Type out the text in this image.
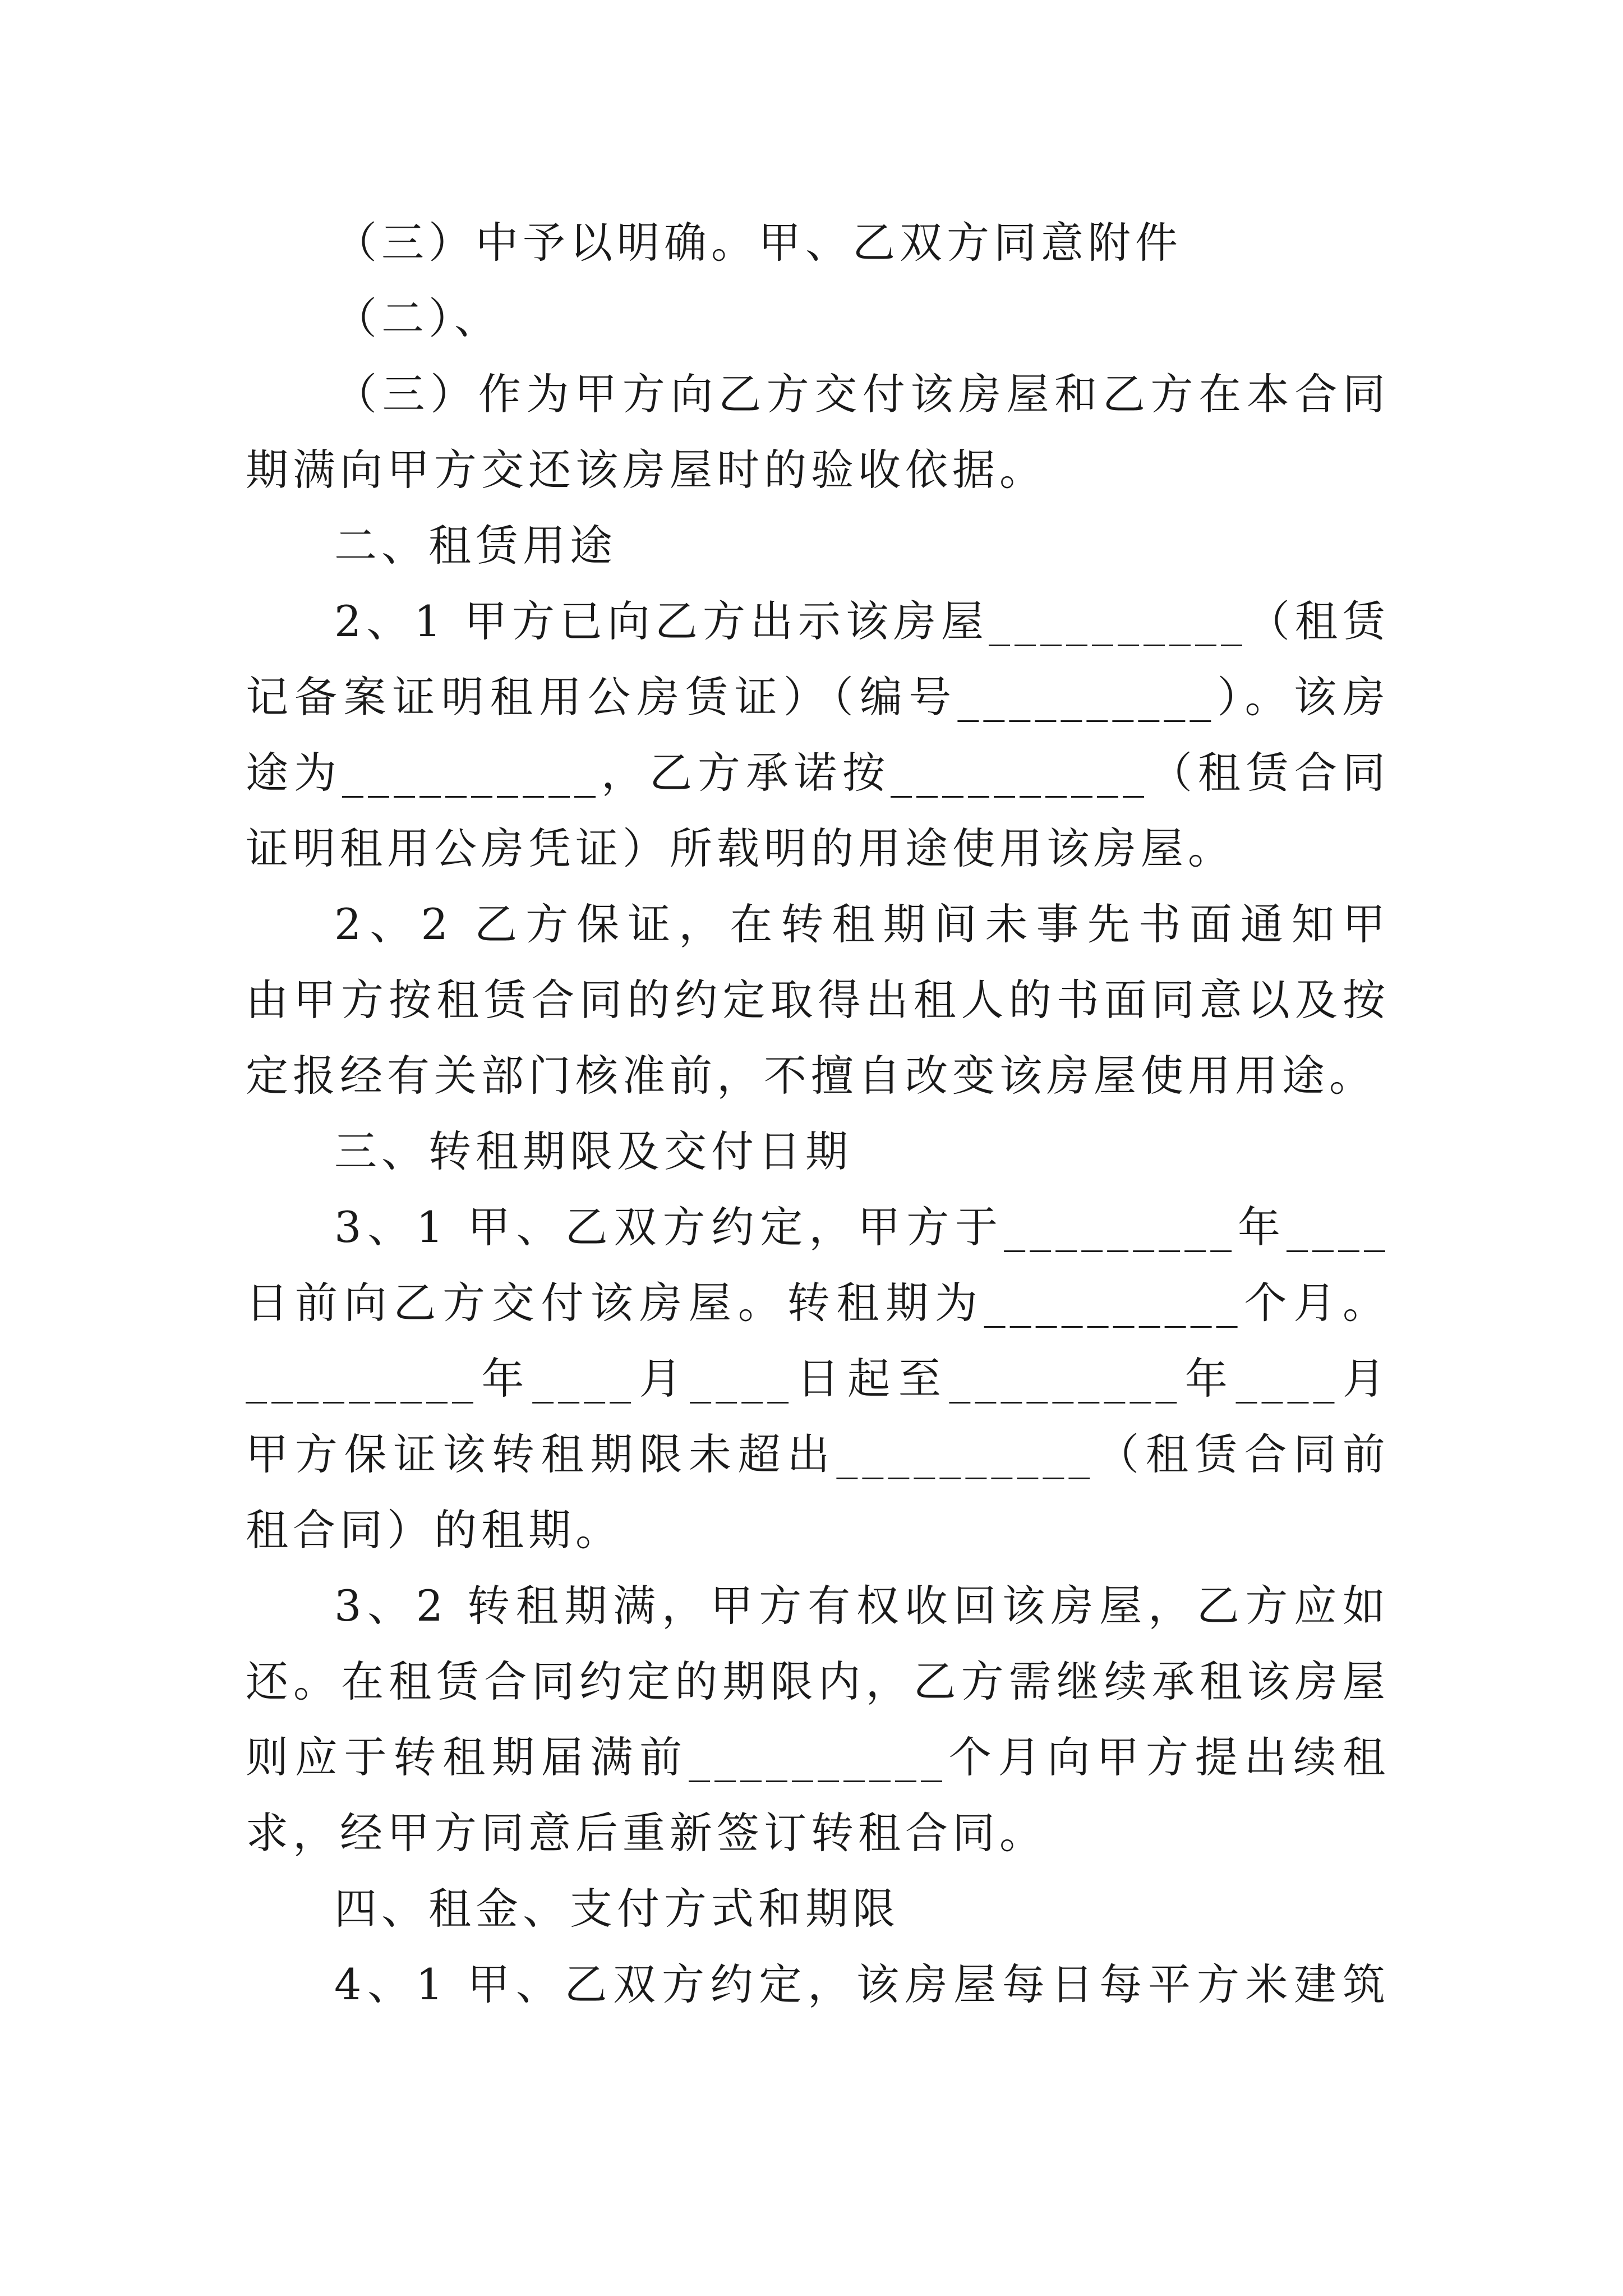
（三）中予以明确。甲、乙双方同意附件
（二）、
（三）作为甲方向乙方交付该房屋和乙方在本合同
期满向甲方交还该房屋时的验收依据。
二、租赁用途
2、1 甲方已向乙方出示该房屋__________（租赁
记备案证明租用公房赁证）（编号__________）。该房
途为__________，乙方承诺按__________（租赁合同
证明租用公房凭证）所载明的用途使用该房屋。
2、2 乙方保证，在转租期间未事先书面通知甲
由甲方按租赁合同的约定取得出租人的书面同意以及按
定报经有关部门核准前，不擅自改变该房屋使用用途。
三、转租期限及交付日期
3、1 甲、乙双方约定，甲方于_________年____
日前向乙方交付该房屋。转租期为__________个月。
_________年____月____日起至_________年____月
甲方保证该转租期限未超出__________（租赁合同前
租合同）的租期。
3、2 转租期满，甲方有权收回该房屋，乙方应如
还。在租赁合同约定的期限内，乙方需继续承租该房屋
则应于转租期届满前__________个月向甲方提出续租
求，经甲方同意后重新签订转租合同。
四、租金、支付方式和期限
4、1 甲、乙双方约定，该房屋每日每平方米建筑
